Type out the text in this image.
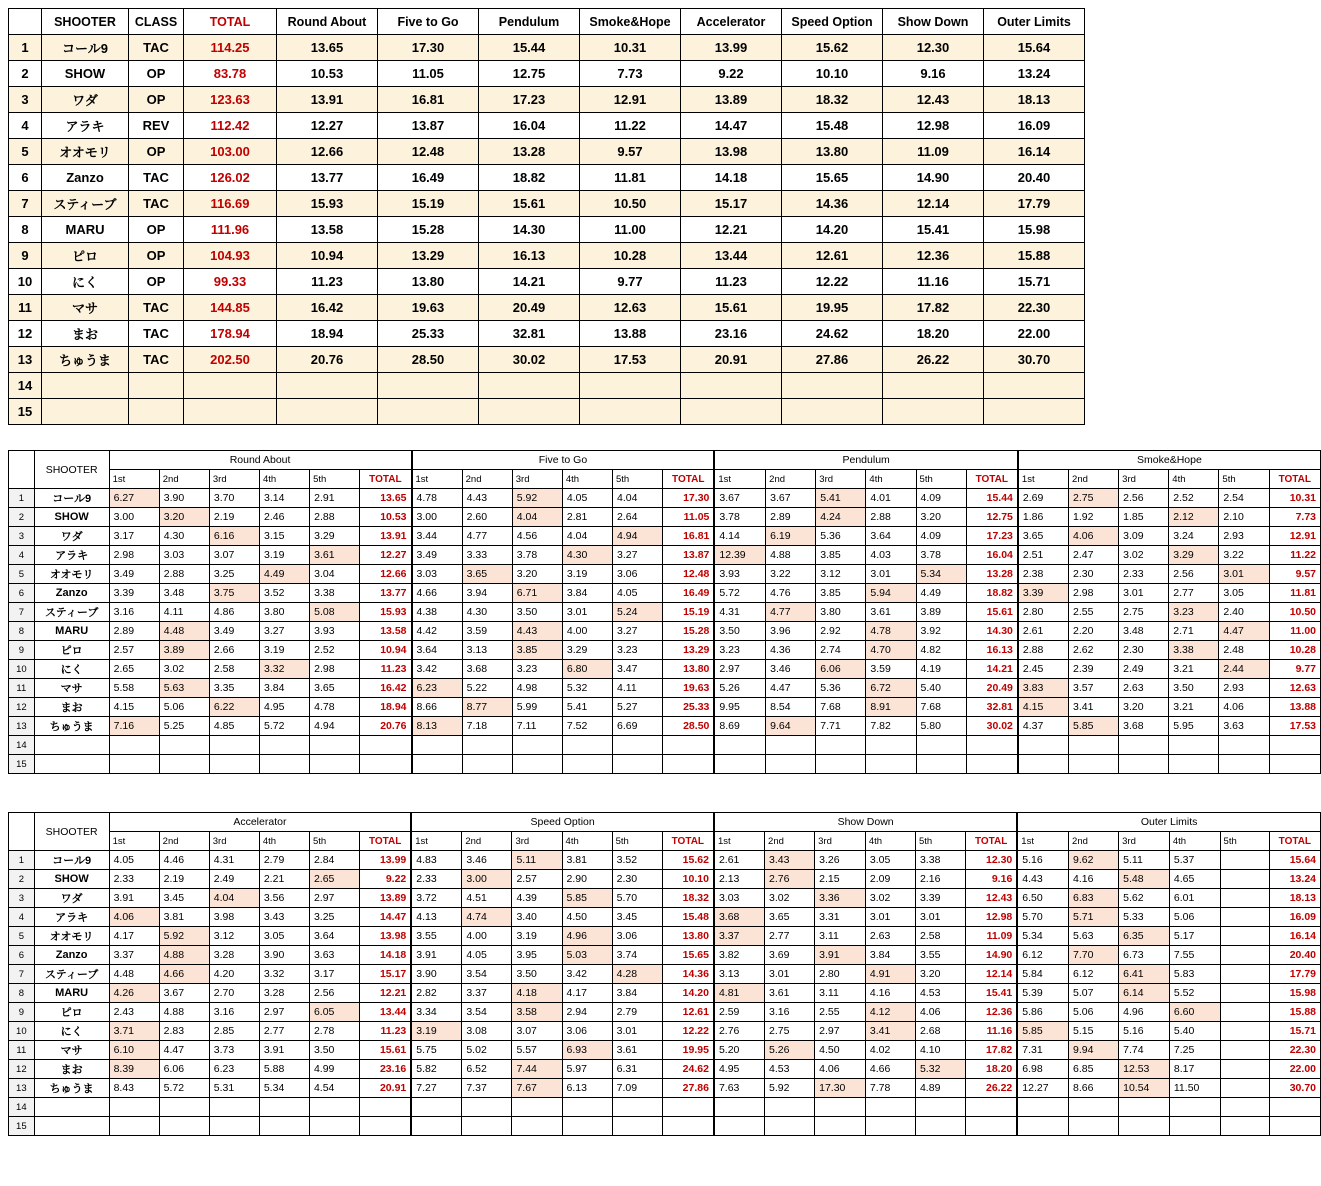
	SHOOTER	CLASS	TOTAL	Round About	Five to Go	Pendulum	Smoke&Hope	Accelerator	Speed Option	Show Down	Outer Limits
1	コール9	TAC	114.25	13.65	17.30	15.44	10.31	13.99	15.62	12.30	15.64
2	SHOW	OP	83.78	10.53	11.05	12.75	7.73	9.22	10.10	9.16	13.24
3	ワダ	OP	123.63	13.91	16.81	17.23	12.91	13.89	18.32	12.43	18.13
4	アラキ	REV	112.42	12.27	13.87	16.04	11.22	14.47	15.48	12.98	16.09
5	オオモリ	OP	103.00	12.66	12.48	13.28	9.57	13.98	13.80	11.09	16.14
6	Zanzo	TAC	126.02	13.77	16.49	18.82	11.81	14.18	15.65	14.90	20.40
7	スティーブ	TAC	116.69	15.93	15.19	15.61	10.50	15.17	14.36	12.14	17.79
8	MARU	OP	111.96	13.58	15.28	14.30	11.00	12.21	14.20	15.41	15.98
9	ピロ	OP	104.93	10.94	13.29	16.13	10.28	13.44	12.61	12.36	15.88
10	にく	OP	99.33	11.23	13.80	14.21	9.77	11.23	12.22	11.16	15.71
11	マサ	TAC	144.85	16.42	19.63	20.49	12.63	15.61	19.95	17.82	22.30
12	まお	TAC	178.94	18.94	25.33	32.81	13.88	23.16	24.62	18.20	22.00
13	ちゅうま	TAC	202.50	20.76	28.50	30.02	17.53	20.91	27.86	26.22	30.70
14											
15											
	SHOOTER	Round About						Five to Go						Pendulum						Smoke&Hope					
		1st	2nd	3rd	4th	5th	TOTAL	1st	2nd	3rd	4th	5th	TOTAL	1st	2nd	3rd	4th	5th	TOTAL	1st	2nd	3rd	4th	5th	TOTAL
1	コール9	6.27	3.90	3.70	3.14	2.91	13.65	4.78	4.43	5.92	4.05	4.04	17.30	3.67	3.67	5.41	4.01	4.09	15.44	2.69	2.75	2.56	2.52	2.54	10.31
2	SHOW	3.00	3.20	2.19	2.46	2.88	10.53	3.00	2.60	4.04	2.81	2.64	11.05	3.78	2.89	4.24	2.88	3.20	12.75	1.86	1.92	1.85	2.12	2.10	7.73
3	ワダ	3.17	4.30	6.16	3.15	3.29	13.91	3.44	4.77	4.56	4.04	4.94	16.81	4.14	6.19	5.36	3.64	4.09	17.23	3.65	4.06	3.09	3.24	2.93	12.91
4	アラキ	2.98	3.03	3.07	3.19	3.61	12.27	3.49	3.33	3.78	4.30	3.27	13.87	12.39	4.88	3.85	4.03	3.78	16.04	2.51	2.47	3.02	3.29	3.22	11.22
5	オオモリ	3.49	2.88	3.25	4.49	3.04	12.66	3.03	3.65	3.20	3.19	3.06	12.48	3.93	3.22	3.12	3.01	5.34	13.28	2.38	2.30	2.33	2.56	3.01	9.57
6	Zanzo	3.39	3.48	3.75	3.52	3.38	13.77	4.66	3.94	6.71	3.84	4.05	16.49	5.72	4.76	3.85	5.94	4.49	18.82	3.39	2.98	3.01	2.77	3.05	11.81
7	スティーブ	3.16	4.11	4.86	3.80	5.08	15.93	4.38	4.30	3.50	3.01	5.24	15.19	4.31	4.77	3.80	3.61	3.89	15.61	2.80	2.55	2.75	3.23	2.40	10.50
8	MARU	2.89	4.48	3.49	3.27	3.93	13.58	4.42	3.59	4.43	4.00	3.27	15.28	3.50	3.96	2.92	4.78	3.92	14.30	2.61	2.20	3.48	2.71	4.47	11.00
9	ピロ	2.57	3.89	2.66	3.19	2.52	10.94	3.64	3.13	3.85	3.29	3.23	13.29	3.23	4.36	2.74	4.70	4.82	16.13	2.88	2.62	2.30	3.38	2.48	10.28
10	にく	2.65	3.02	2.58	3.32	2.98	11.23	3.42	3.68	3.23	6.80	3.47	13.80	2.97	3.46	6.06	3.59	4.19	14.21	2.45	2.39	2.49	3.21	2.44	9.77
11	マサ	5.58	5.63	3.35	3.84	3.65	16.42	6.23	5.22	4.98	5.32	4.11	19.63	5.26	4.47	5.36	6.72	5.40	20.49	3.83	3.57	2.63	3.50	2.93	12.63
12	まお	4.15	5.06	6.22	4.95	4.78	18.94	8.66	8.77	5.99	5.41	5.27	25.33	9.95	8.54	7.68	8.91	7.68	32.81	4.15	3.41	3.20	3.21	4.06	13.88
13	ちゅうま	7.16	5.25	4.85	5.72	4.94	20.76	8.13	7.18	7.11	7.52	6.69	28.50	8.69	9.64	7.71	7.82	5.80	30.02	4.37	5.85	3.68	5.95	3.63	17.53
14																									
15																									
	SHOOTER	Accelerator						Speed Option						Show Down						Outer Limits					
		1st	2nd	3rd	4th	5th	TOTAL	1st	2nd	3rd	4th	5th	TOTAL	1st	2nd	3rd	4th	5th	TOTAL	1st	2nd	3rd	4th	5th	TOTAL
1	コール9	4.05	4.46	4.31	2.79	2.84	13.99	4.83	3.46	5.11	3.81	3.52	15.62	2.61	3.43	3.26	3.05	3.38	12.30	5.16	9.62	5.11	5.37		15.64
2	SHOW	2.33	2.19	2.49	2.21	2.65	9.22	2.33	3.00	2.57	2.90	2.30	10.10	2.13	2.76	2.15	2.09	2.16	9.16	4.43	4.16	5.48	4.65		13.24
3	ワダ	3.91	3.45	4.04	3.56	2.97	13.89	3.72	4.51	4.39	5.85	5.70	18.32	3.03	3.02	3.36	3.02	3.39	12.43	6.50	6.83	5.62	6.01		18.13
4	アラキ	4.06	3.81	3.98	3.43	3.25	14.47	4.13	4.74	3.40	4.50	3.45	15.48	3.68	3.65	3.31	3.01	3.01	12.98	5.70	5.71	5.33	5.06		16.09
5	オオモリ	4.17	5.92	3.12	3.05	3.64	13.98	3.55	4.00	3.19	4.96	3.06	13.80	3.37	2.77	3.11	2.63	2.58	11.09	5.34	5.63	6.35	5.17		16.14
6	Zanzo	3.37	4.88	3.28	3.90	3.63	14.18	3.91	4.05	3.95	5.03	3.74	15.65	3.82	3.69	3.91	3.84	3.55	14.90	6.12	7.70	6.73	7.55		20.40
7	スティーブ	4.48	4.66	4.20	3.32	3.17	15.17	3.90	3.54	3.50	3.42	4.28	14.36	3.13	3.01	2.80	4.91	3.20	12.14	5.84	6.12	6.41	5.83		17.79
8	MARU	4.26	3.67	2.70	3.28	2.56	12.21	2.82	3.37	4.18	4.17	3.84	14.20	4.81	3.61	3.11	4.16	4.53	15.41	5.39	5.07	6.14	5.52		15.98
9	ピロ	2.43	4.88	3.16	2.97	6.05	13.44	3.34	3.54	3.58	2.94	2.79	12.61	2.59	3.16	2.55	4.12	4.06	12.36	5.86	5.06	4.96	6.60		15.88
10	にく	3.71	2.83	2.85	2.77	2.78	11.23	3.19	3.08	3.07	3.06	3.01	12.22	2.76	2.75	2.97	3.41	2.68	11.16	5.85	5.15	5.16	5.40		15.71
11	マサ	6.10	4.47	3.73	3.91	3.50	15.61	5.75	5.02	5.57	6.93	3.61	19.95	5.20	5.26	4.50	4.02	4.10	17.82	7.31	9.94	7.74	7.25		22.30
12	まお	8.39	6.06	6.23	5.88	4.99	23.16	5.82	6.52	7.44	5.97	6.31	24.62	4.95	4.53	4.06	4.66	5.32	18.20	6.98	6.85	12.53	8.17		22.00
13	ちゅうま	8.43	5.72	5.31	5.34	4.54	20.91	7.27	7.37	7.67	6.13	7.09	27.86	7.63	5.92	17.30	7.78	4.89	26.22	12.27	8.66	10.54	11.50		30.70
14																									
15																									
